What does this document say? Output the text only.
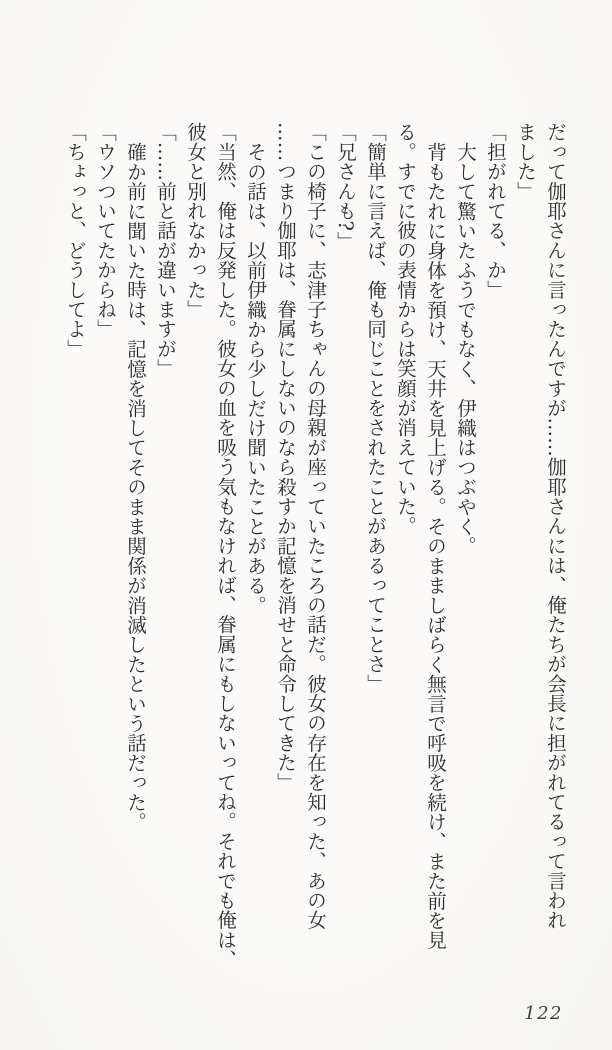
だって伽耶さんに言ったんですが……伽耶さんには、俺たちが会長に担がれてるって言われ
ました」
「担がれてる、か」
大して驚いたふうでもなく、伊織はつぶやく。
背もたれに身体を預け、天井を見上げる。そのまましばらく無言で呼吸を続け、また前を見
る。すでに彼の表情からは笑顔が消えていた。
「簡単に言えば、俺も同じことをされたことがあるってことさ」
「兄さんも?」
「この椅子に、志津子ちゃんの母親が座っていたころの話だ。彼女の存在を知った、あの女
……つまり伽耶は、眷属にしないのなら殺すか記憶を消せと命令してきた」
その話は、以前伊織から少しだけ聞いたことがある。
「当然、俺は反発した。彼女の血を吸う気もなければ、眷属にもしないってね。それでも俺は、
彼女と別れなかった」
「……前と話が違いますが」
確か前に聞いた時は、記憶を消してそのまま関係が消滅したという話だった。
「ウソついてたからね」
「ちょっと、どうしてよ」
122
